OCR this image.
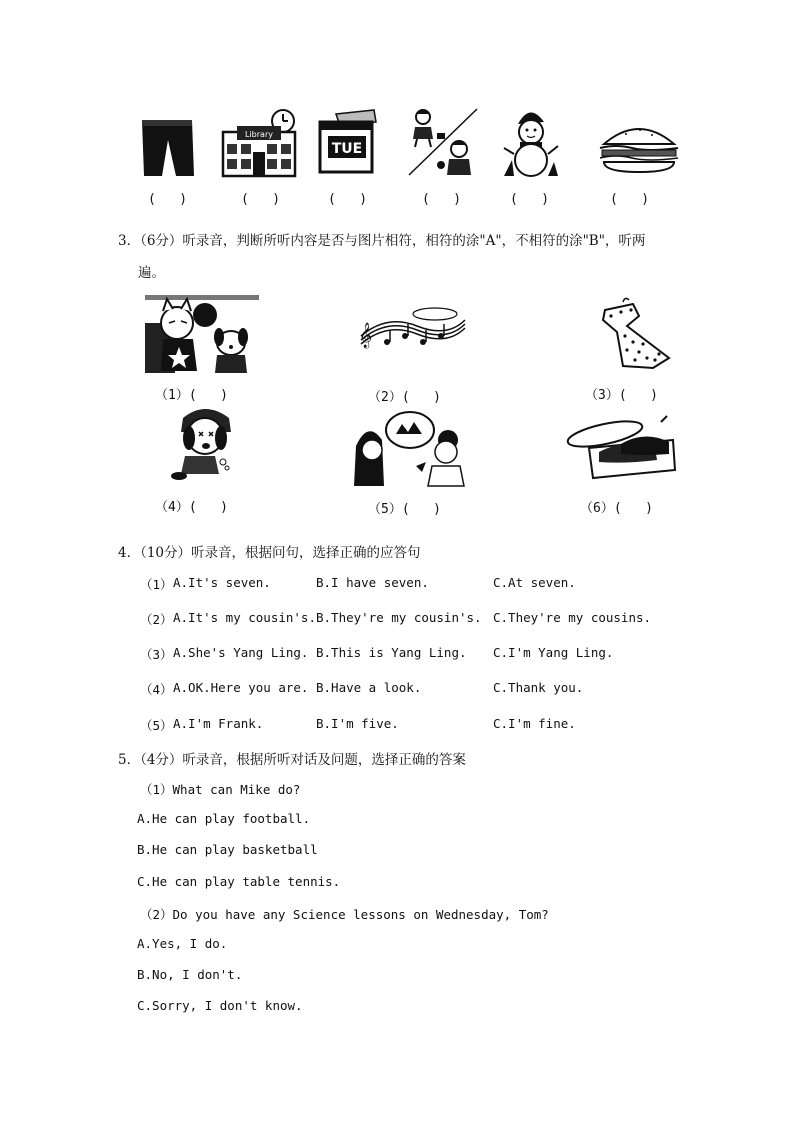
Library
TUE
(   )	(   )	(   )	(   )	(   )	(   )
3．（6分）听录音，判断所听内容是否与图片相符，相符的涂"A"，不相符的涂"B"，听两
遍。
𝄞
（1）(   )	（2）(   )	（3）(   )
（4）(   )	（5）(   )	（6）(   )
4．（10分）听录音，根据问句，选择正确的应答句
（1） A.It's seven.	B.I have seven.	C.At seven.
（2） A.It's my cousin's. B.They're my cousin's. C.They're my cousins.
（3） A.She's Yang Ling. B.This is Yang Ling. C.I'm Yang Ling.
（4） A.OK.Here you are. B.Have a look.	C.Thank you.
（5） A.I'm Frank.	B.I'm five.	C.I'm fine.
5．（4分）听录音，根据所听对话及问题，选择正确的答案
（1）What can Mike do?
A.He can play football.
B.He can play basketball
C.He can play table tennis.
（2）Do you have any Science lessons on Wednesday, Tom?
A.Yes, I do.
B.No, I don't.
C.Sorry, I don't know.
